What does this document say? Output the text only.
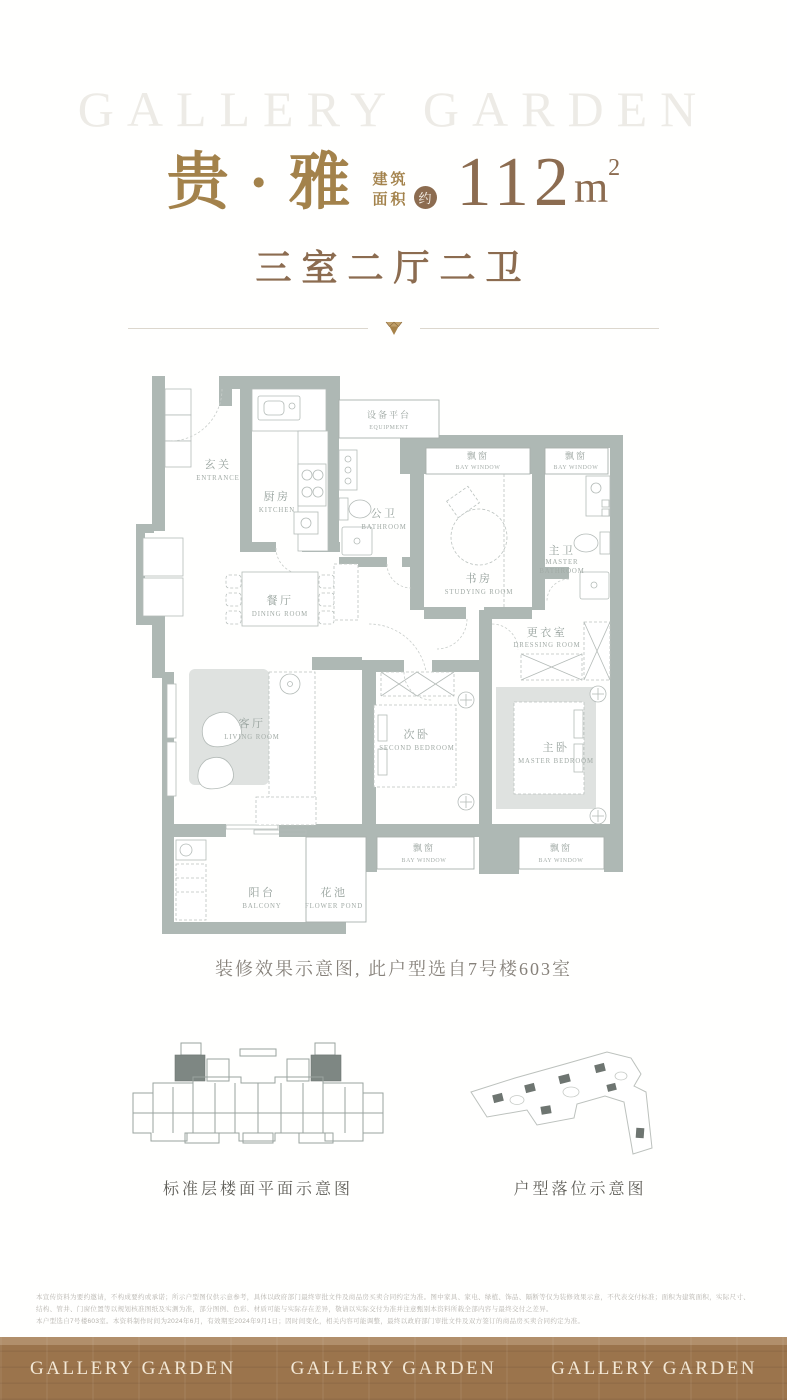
GALLERY GARDEN
贵 · 雅 建筑
面积 约 112 m 2
三室二厅二卫
玄关
ENTRANCE
厨房
KITCHEN
设备平台
EQUIPMENT
公卫
BATHROOM
飘窗
BAY WINDOW
飘窗
BAY WINDOW
书房
STUDYING ROOM
主卫
MASTER
BATHROOM
餐厅
DINING ROOM
更衣室
DRESSING ROOM
客厅
LIVING ROOM	次卧
SECOND BEDROOM	主卧
MASTER BEDROOM
飘窗
BAY WINDOW
飘窗
BAY WINDOW
阳台
BALCONY
花池
FLOWER POND
装修效果示意图, 此户型选自7号楼603室
标准层楼面平面示意图	户型落位示意图
本宣传资料为要约邀请，不构成要约或承诺；所示户型图仅供示意参考，具体以政府部门最终审批文件及商品房买卖合同约定为准。图中家具、家电、绿植、饰品、隔断等仅为装修效果示意，不代表交付标准；面积为建筑面积，实际尺寸、结构、管井、门窗位置等以规划核准图纸及实测为准，部分图例、色彩、材质可能与实际存在差异，敬请以实际交付为准并注意甄别本资料所载全部内容与最终交付之差异。
本户型选自7号楼603室。本资料制作时间为2024年6月，有效期至2024年9月1日；因时间变化，相关内容可能调整，最终以政府部门审批文件及双方签订的商品房买卖合同约定为准。
GALLERY GARDEN	GALLERY GARDEN	GALLERY GARDEN
